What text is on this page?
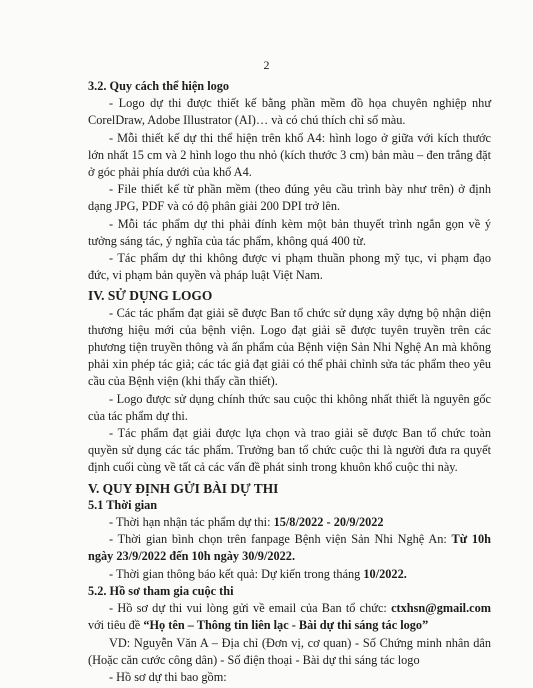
2

3.2. Quy cách thể hiện logo

- Logo dự thi được thiết kế bằng phần mềm đồ họa chuyên nghiệp như CorelDraw, Adobe Illustrator (AI)… và có chú thích chỉ số màu.

- Mỗi thiết kế dự thi thể hiện trên khổ A4: hình logo ở giữa với kích thước lớn nhất 15 cm và 2 hình logo thu nhỏ (kích thước 3 cm) bản màu – đen trắng đặt ở góc phải phía dưới của khổ A4.

- File thiết kế từ phần mềm (theo đúng yêu cầu trình bày như trên) ở định dạng JPG, PDF và có độ phân giải 200 DPI trở lên.

- Mỗi tác phẩm dự thi phải đính kèm một bản thuyết trình ngắn gọn về ý tưởng sáng tác, ý nghĩa của tác phẩm, không quá 400 từ.

- Tác phẩm dự thi không được vi phạm thuần phong mỹ tục, vi phạm đạo đức, vi phạm bản quyền và pháp luật Việt Nam.

IV. SỬ DỤNG LOGO

- Các tác phẩm đạt giải sẽ được Ban tổ chức sử dụng xây dựng bộ nhận diện thương hiệu mới của bệnh viện. Logo đạt giải sẽ được tuyên truyền trên các phương tiện truyền thông và ấn phẩm của Bệnh viện Sản Nhi Nghệ An mà không phải xin phép tác giả; các tác giả đạt giải có thể phải chỉnh sửa tác phẩm theo yêu cầu của Bệnh viện (khi thấy cần thiết).

- Logo được sử dụng chính thức sau cuộc thi không nhất thiết là nguyên gốc của tác phẩm dự thi.

- Tác phẩm đạt giải được lựa chọn và trao giải sẽ được Ban tổ chức toàn quyền sử dụng các tác phẩm. Trưởng ban tổ chức cuộc thi là người đưa ra quyết định cuối cùng về tất cả các vấn đề phát sinh trong khuôn khổ cuộc thi này.

V. QUY ĐỊNH GỬI BÀI DỰ THI

5.1 Thời gian

- Thời hạn nhận tác phẩm dự thi: 15/8/2022 - 20/9/2022

- Thời gian bình chọn trên fanpage Bệnh viện Sản Nhi Nghệ An: Từ 10h ngày 23/9/2022 đến 10h ngày 30/9/2022.

- Thời gian thông báo kết quả: Dự kiến trong tháng 10/2022.

5.2. Hồ sơ tham gia cuộc thi

- Hồ sơ dự thi vui lòng gửi về email của Ban tổ chức: ctxhsn@gmail.com với tiêu đề “Họ tên – Thông tin liên lạc - Bài dự thi sáng tác logo”

VD: Nguyễn Văn A – Địa chỉ (Đơn vị, cơ quan) - Số Chứng minh nhân dân (Hoặc căn cước công dân) - Số điện thoại - Bài dự thi sáng tác logo

- Hồ sơ dự thi bao gồm:
